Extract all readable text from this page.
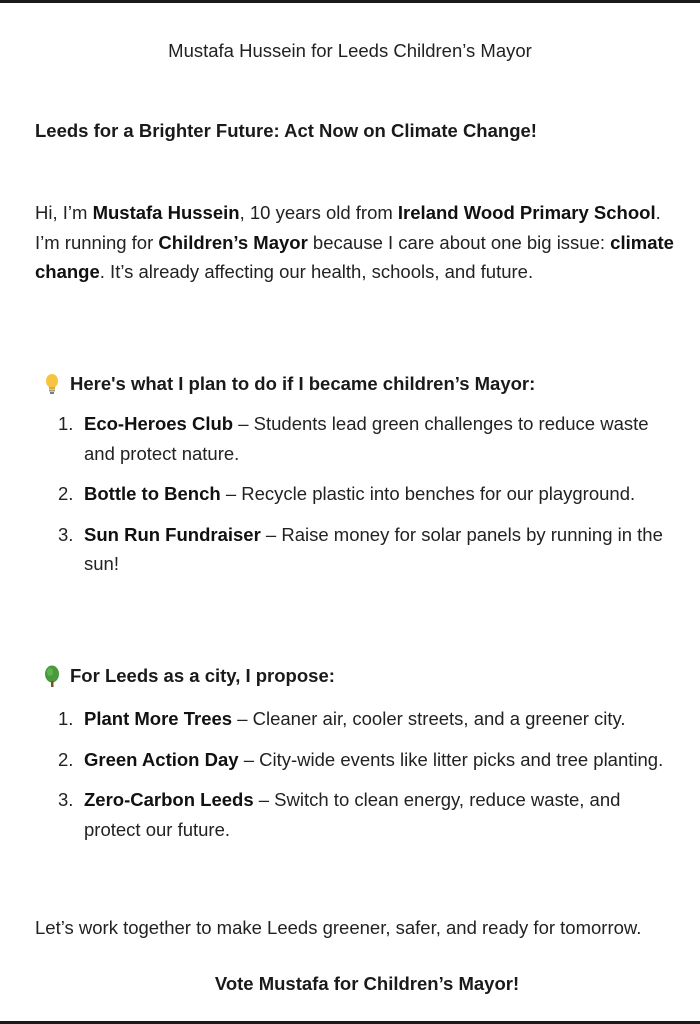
Mustafa Hussein for Leeds Children’s Mayor
Leeds for a Brighter Future: Act Now on Climate Change!
Hi, I’m Mustafa Hussein, 10 years old from Ireland Wood Primary School. I’m running for Children’s Mayor because I care about one big issue: climate change. It’s already affecting our health, schools, and future.
Here's what I plan to do if I became children’s Mayor:
1. Eco-Heroes Club – Students lead green challenges to reduce waste and protect nature.
2. Bottle to Bench – Recycle plastic into benches for our playground.
3. Sun Run Fundraiser – Raise money for solar panels by running in the sun!
For Leeds as a city, I propose:
1. Plant More Trees – Cleaner air, cooler streets, and a greener city.
2. Green Action Day – City-wide events like litter picks and tree planting.
3. Zero-Carbon Leeds – Switch to clean energy, reduce waste, and protect our future.
Let’s work together to make Leeds greener, safer, and ready for tomorrow.
Vote Mustafa for Children’s Mayor!
